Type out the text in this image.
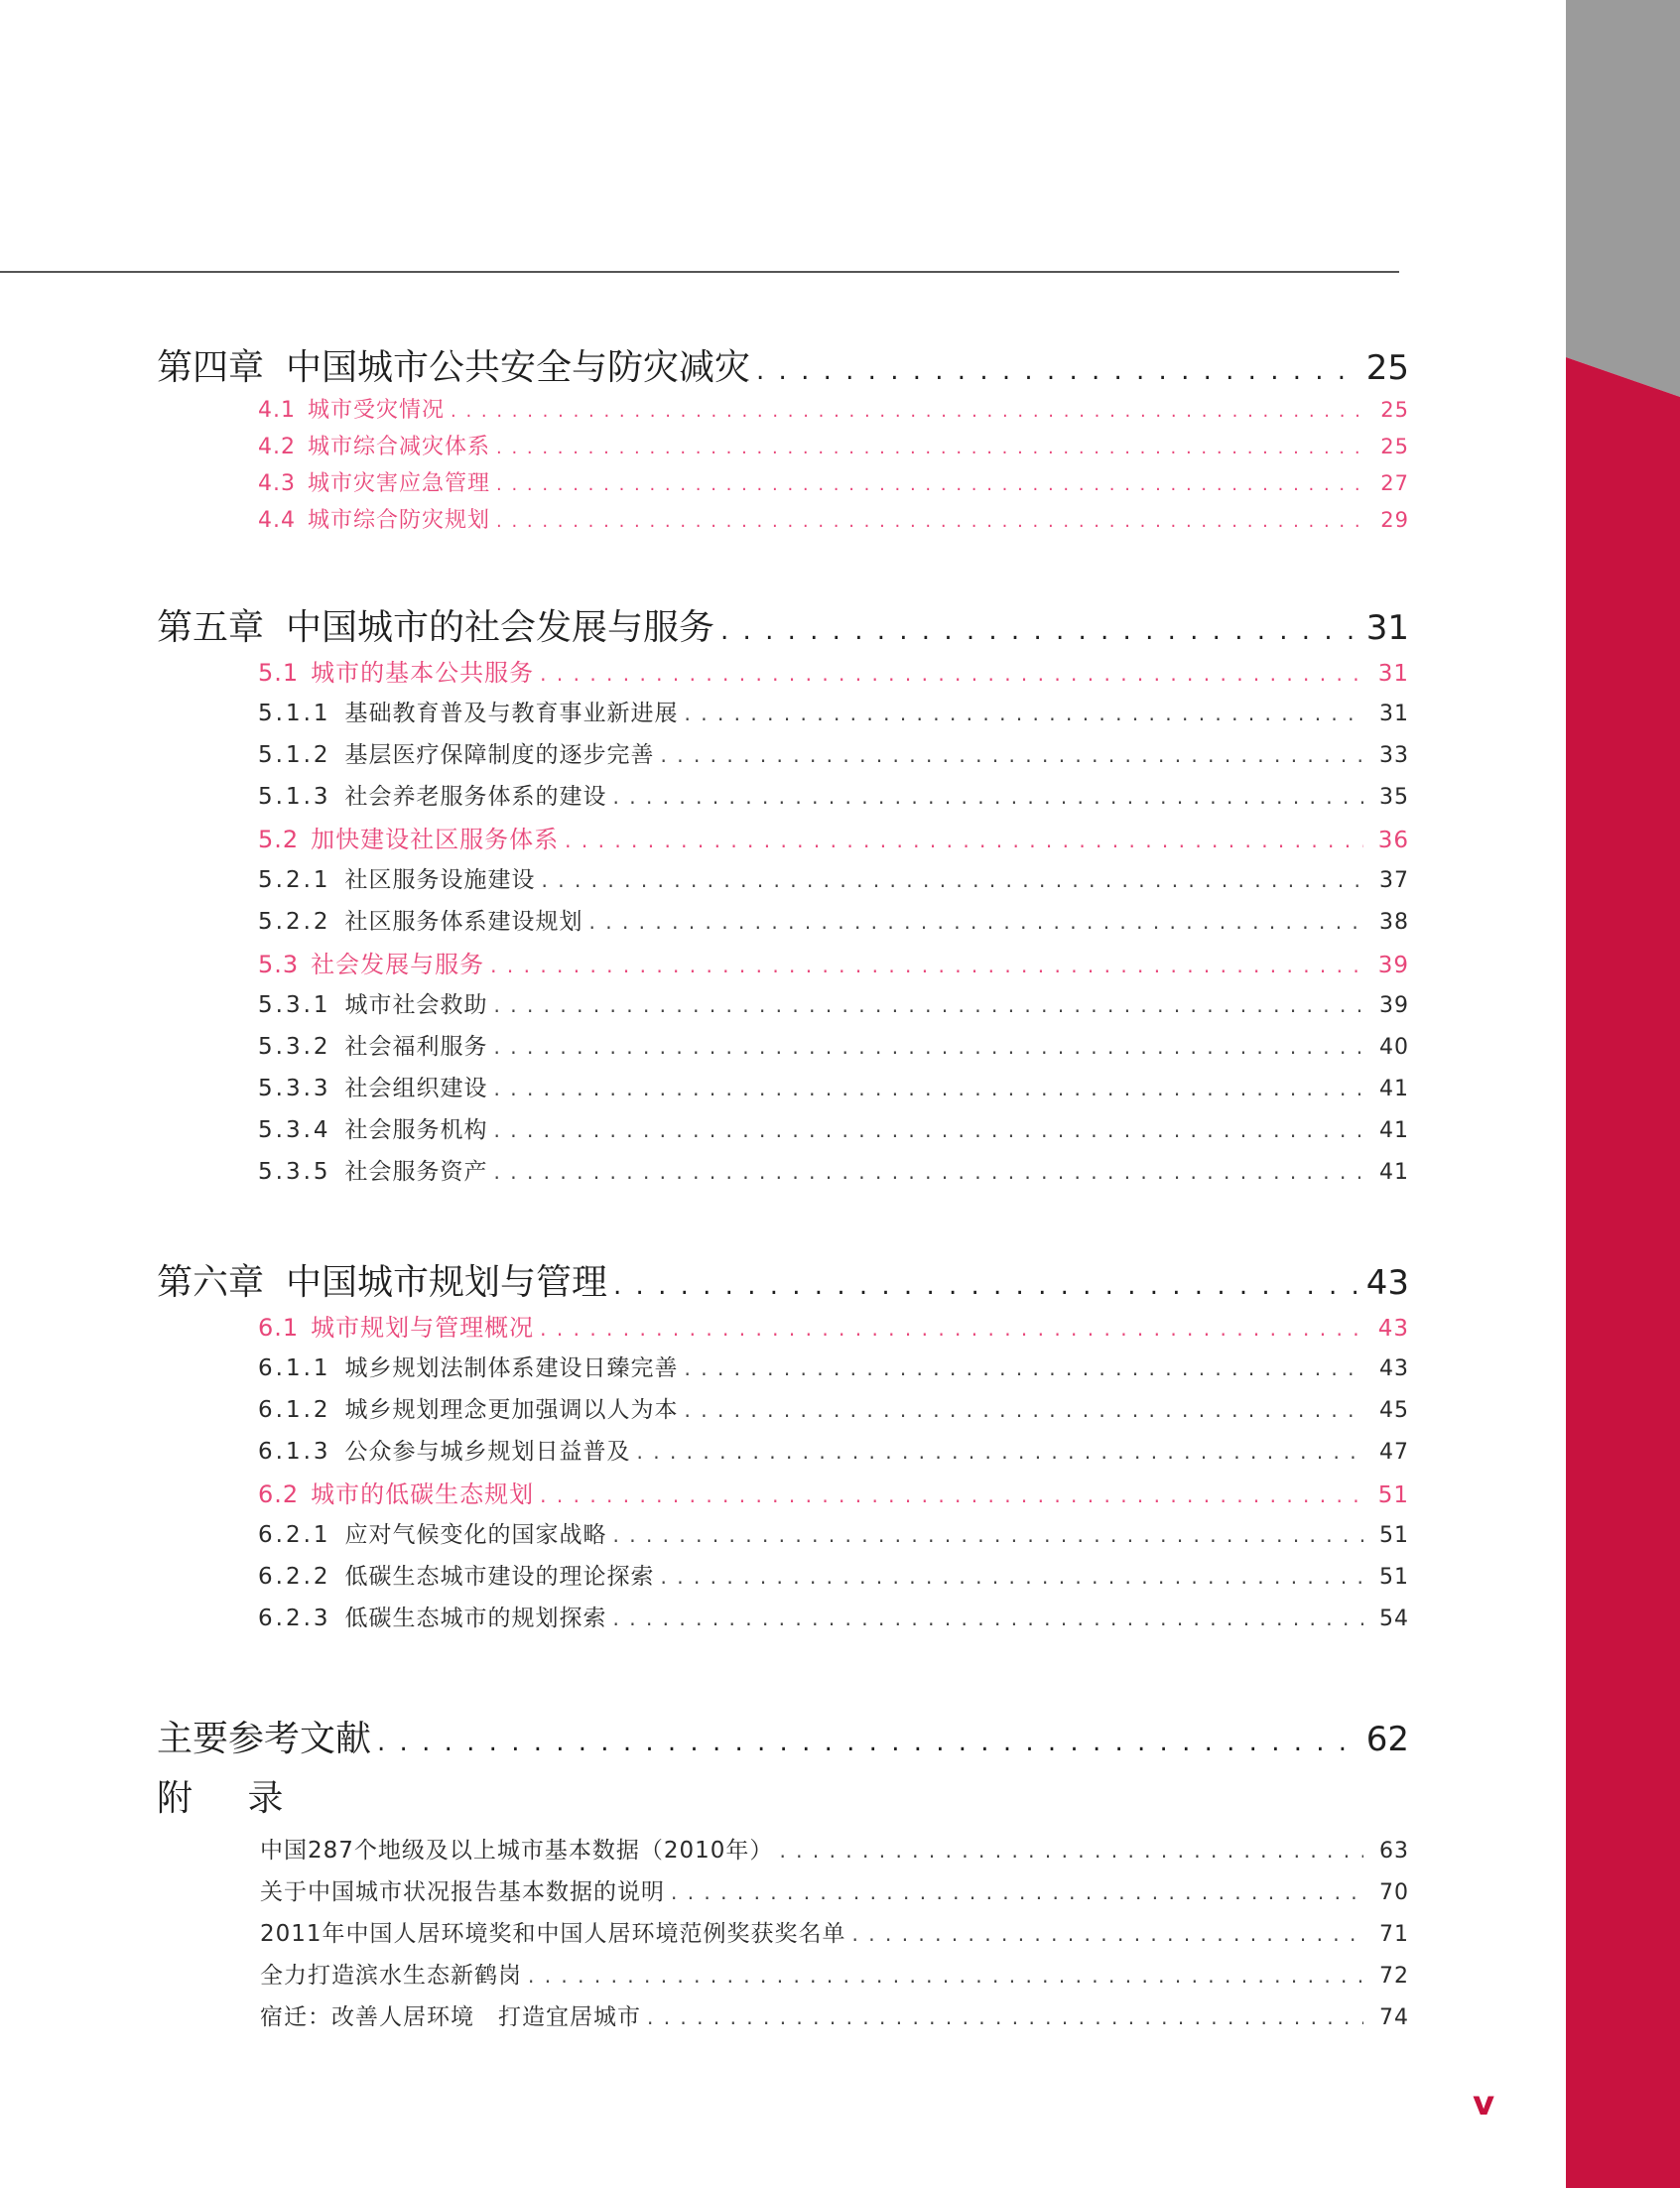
第四章 中国城市公共安全与防灾减灾 . . .	25
4.1 城市受灾情况 . . .	25
4.2 城市综合减灾体系 . . .	25
4.3 城市灾害应急管理 . . .	27
4.4 城市综合防灾规划 . . .	29
第五章 中国城市的社会发展与服务 . . .	31
5.1 城市的基本公共服务 . . .	31
5.1.1 基础教育普及与教育事业新进展 . . .	31
5.1.2 基层医疗保障制度的逐步完善 . . .	33
5.1.3 社会养老服务体系的建设 . . .	35
5.2 加快建设社区服务体系 . . .	36
5.2.1 社区服务设施建设 . . .	37
5.2.2 社区服务体系建设规划 . . .	38
5.3 社会发展与服务 . . .	39
5.3.1 城市社会救助 . . .	39
5.3.2 社会福利服务 . . .	40
5.3.3 社会组织建设 . . .	41
5.3.4 社会服务机构 . . .	41
5.3.5 社会服务资产 . . .	41
第六章 中国城市规划与管理 . . .	43
6.1 城市规划与管理概况 . . .	43
6.1.1 城乡规划法制体系建设日臻完善 . . .	43
6.1.2 城乡规划理念更加强调以人为本 . . .	45
6.1.3 公众参与城乡规划日益普及 . . .	47
6.2 城市的低碳生态规划 . . .	51
6.2.1 应对气候变化的国家战略 . . .	51
6.2.2 低碳生态城市建设的理论探索 . . .	51
6.2.3 低碳生态城市的规划探索 . . .	54
主要参考文献 . . .	62
附 录
中国287个地级及以上城市基本数据（2010年） . . .	63
关于中国城市状况报告基本数据的说明 . . .	70
2011年中国人居环境奖和中国人居环境范例奖获奖名单 . . .	71
全力打造滨水生态新鹤岗 . . .	72
宿迁：改善人居环境　打造宜居城市 . . .	74
v
